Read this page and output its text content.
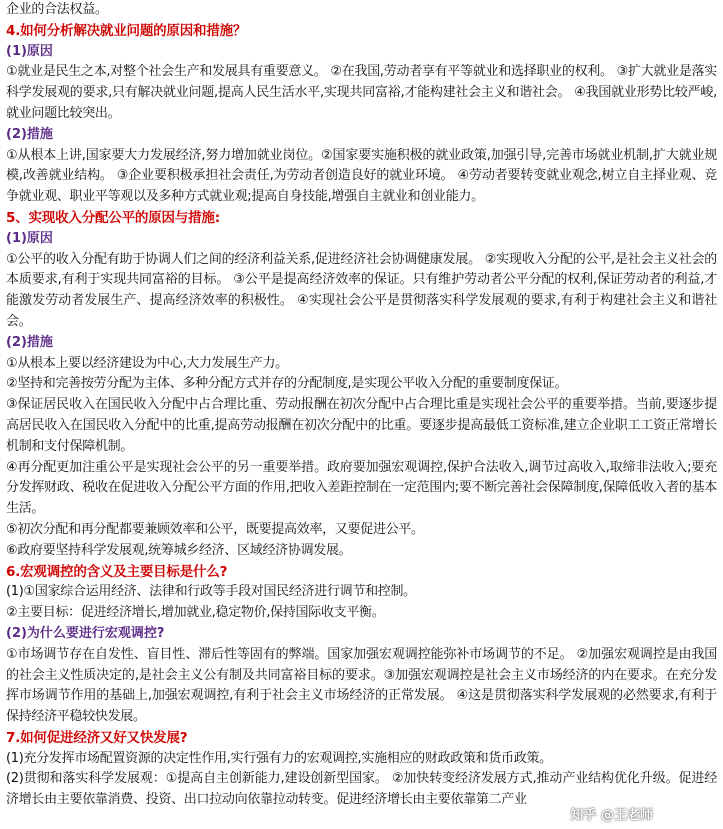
企业的合法权益。

4.如何分析解决就业问题的原因和措施？

(1)原因

①就业是民生之本,对整个社会生产和发展具有重要意义。 ②在我国,劳动者享有平等就业和选择职业的权利。 ③扩大就业是落实科学发展观的要求,只有解决就业问题,提高人民生活水平,实现共同富裕,才能构建社会主义和谐社会。 ④我国就业形势比较严峻,就业问题比较突出。

(2)措施

①从根本上讲,国家要大力发展经济,努力增加就业岗位。②国家要实施积极的就业政策,加强引导,完善市场就业机制,扩大就业规模,改善就业结构。 ③企业要积极承担社会责任,为劳动者创造良好的就业环境。 ④劳动者要转变就业观念,树立自主择业观、竞争就业观、职业平等观以及多种方式就业观;提高自身技能,增强自主就业和创业能力。

5、实现收入分配公平的原因与措施:

(1)原因

①公平的收入分配有助于协调人们之间的经济利益关系,促进经济社会协调健康发展。 ②实现收入分配的公平,是社会主义社会的本质要求,有利于实现共同富裕的目标。 ③公平是提高经济效率的保证。只有维护劳动者公平分配的权利,保证劳动者的利益,才能激发劳动者发展生产、提高经济效率的积极性。 ④实现社会公平是贯彻落实科学发展观的要求,有利于构建社会主义和谐社会。

(2)措施

①从根本上要以经济建设为中心,大力发展生产力。

②坚持和完善按劳分配为主体、多种分配方式并存的分配制度,是实现公平收入分配的重要制度保证。

③保证居民收入在国民收入分配中占合理比重、劳动报酬在初次分配中占合理比重是实现社会公平的重要举措。当前,要逐步提高居民收入在国民收入分配中的比重,提高劳动报酬在初次分配中的比重。要逐步提高最低工资标准,建立企业职工工资正常增长机制和支付保障机制。

④再分配更加注重公平是实现社会公平的另一重要举措。政府要加强宏观调控,保护合法收入,调节过高收入,取缔非法收入;要充分发挥财政、税收在促进收入分配公平方面的作用,把收入差距控制在一定范围内;要不断完善社会保障制度,保障低收入者的基本生活。

⑤初次分配和再分配都要兼顾效率和公平，既要提高效率，又要促进公平。

⑥政府要坚持科学发展观,统筹城乡经济、区域经济协调发展。

6.宏观调控的含义及主要目标是什么?

(1)①国家综合运用经济、法律和行政等手段对国民经济进行调节和控制。

②主要目标：促进经济增长,增加就业,稳定物价,保持国际收支平衡。

(2)为什么要进行宏观调控?

①市场调节存在自发性、盲目性、滞后性等固有的弊端。国家加强宏观调控能弥补市场调节的不足。 ②加强宏观调控是由我国的社会主义性质决定的,是社会主义公有制及共同富裕目标的要求。③加强宏观调控是社会主义市场经济的内在要求。在充分发挥市场调节作用的基础上,加强宏观调控,有利于社会主义市场经济的正常发展。 ④这是贯彻落实科学发展观的必然要求,有利于保持经济平稳较快发展。

7.如何促进经济又好又快发展?

(1)充分发挥市场配置资源的决定性作用,实行强有力的宏观调控,实施相应的财政政策和货币政策。

(2)贯彻和落实科学发展观：①提高自主创新能力,建设创新型国家。 ②加快转变经济发展方式,推动产业结构优化升级。促进经济增长由主要依靠消费、投资、出口拉动向依靠拉动转变。促进经济增长由主要依靠第二产业

知乎 @王老师
